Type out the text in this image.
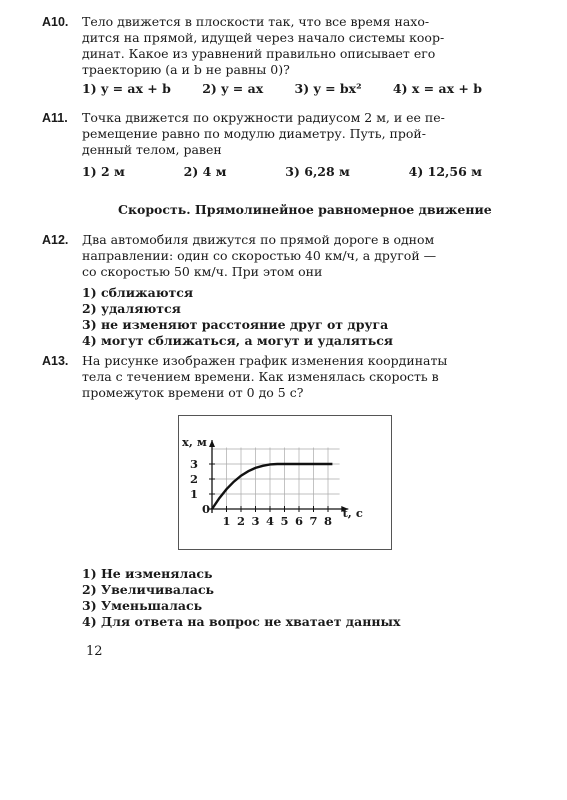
А10. Тело движется в плоскости так, что все время нахо-
дится на прямой, идущей через начало системы коор-
динат. Какое из уравнений правильно описывает его
траекторию (a и b не равны 0)?
1) y = ax + b	2) y = ax	3) y = bx²	4) x = ax + b
А11. Точка движется по окружности радиусом 2 м, и ее пе-
ремещение равно по модулю диаметру. Путь, прой-
денный телом, равен
1) 2 м	2) 4 м	3) 6,28 м	4) 12,56 м
Скорость. Прямолинейное равномерное движение
А12. Два автомобиля движутся по прямой дороге в одном
направлении: один со скоростью 40 км/ч, а другой —
со скоростью 50 км/ч. При этом они
1) сближаются
2) удаляются
3) не изменяют расстояние друг от друга
4) могут сближаться, а могут и удаляться
А13. На рисунке изображен график изменения координаты
тела с течением времени. Как изменялась скорость в
промежуток времени от 0 до 5 с?
1 2 3 4 5 6 7 8
1
2
3
x, м
t, с
0
1) Не изменялась
2) Увеличивалась
3) Уменьшалась
4) Для ответа на вопрос не хватает данных
12
